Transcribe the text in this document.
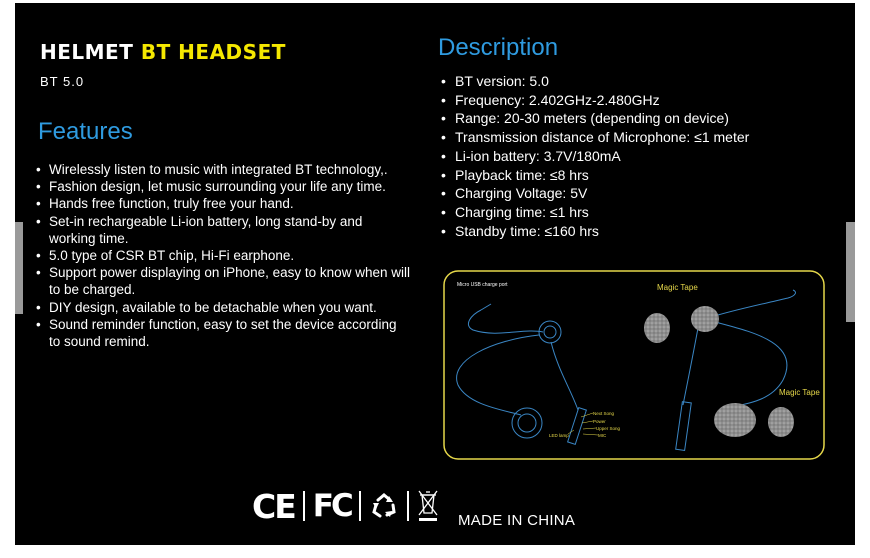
HELMET BT HEADSET
BT 5.0
Features
• Wirelessly listen to music with integrated BT technology,.
• Fashion design, let music surrounding your life any time.
• Hands free function, truly free your hand.
• Set-in rechargeable Li-ion battery, long stand-by and working time.
• 5.0 type of CSR BT chip, Hi-Fi earphone.
• Support power displaying on iPhone, easy to know when will to be charged.
• DIY design, available to be detachable when you want.
• Sound reminder function, easy to set the device according to sound remind.
Description
• BT version: 5.0
• Frequency: 2.402GHz-2.480GHz
• Range: 20-30 meters (depending on device)
• Transmission distance of Microphone: ≤1 meter
• Li-ion battery: 3.7V/180mA
• Playback time: ≤8 hrs
• Charging Voltage: 5V
• Charging time: ≤1 hrs
• Standby time: ≤160 hrs
Micro USB charge port	Magic Tape
Magic Tape
Next Song
Power
Upper Song
MIC
LED lamp
CE FC	MADE IN CHINA
